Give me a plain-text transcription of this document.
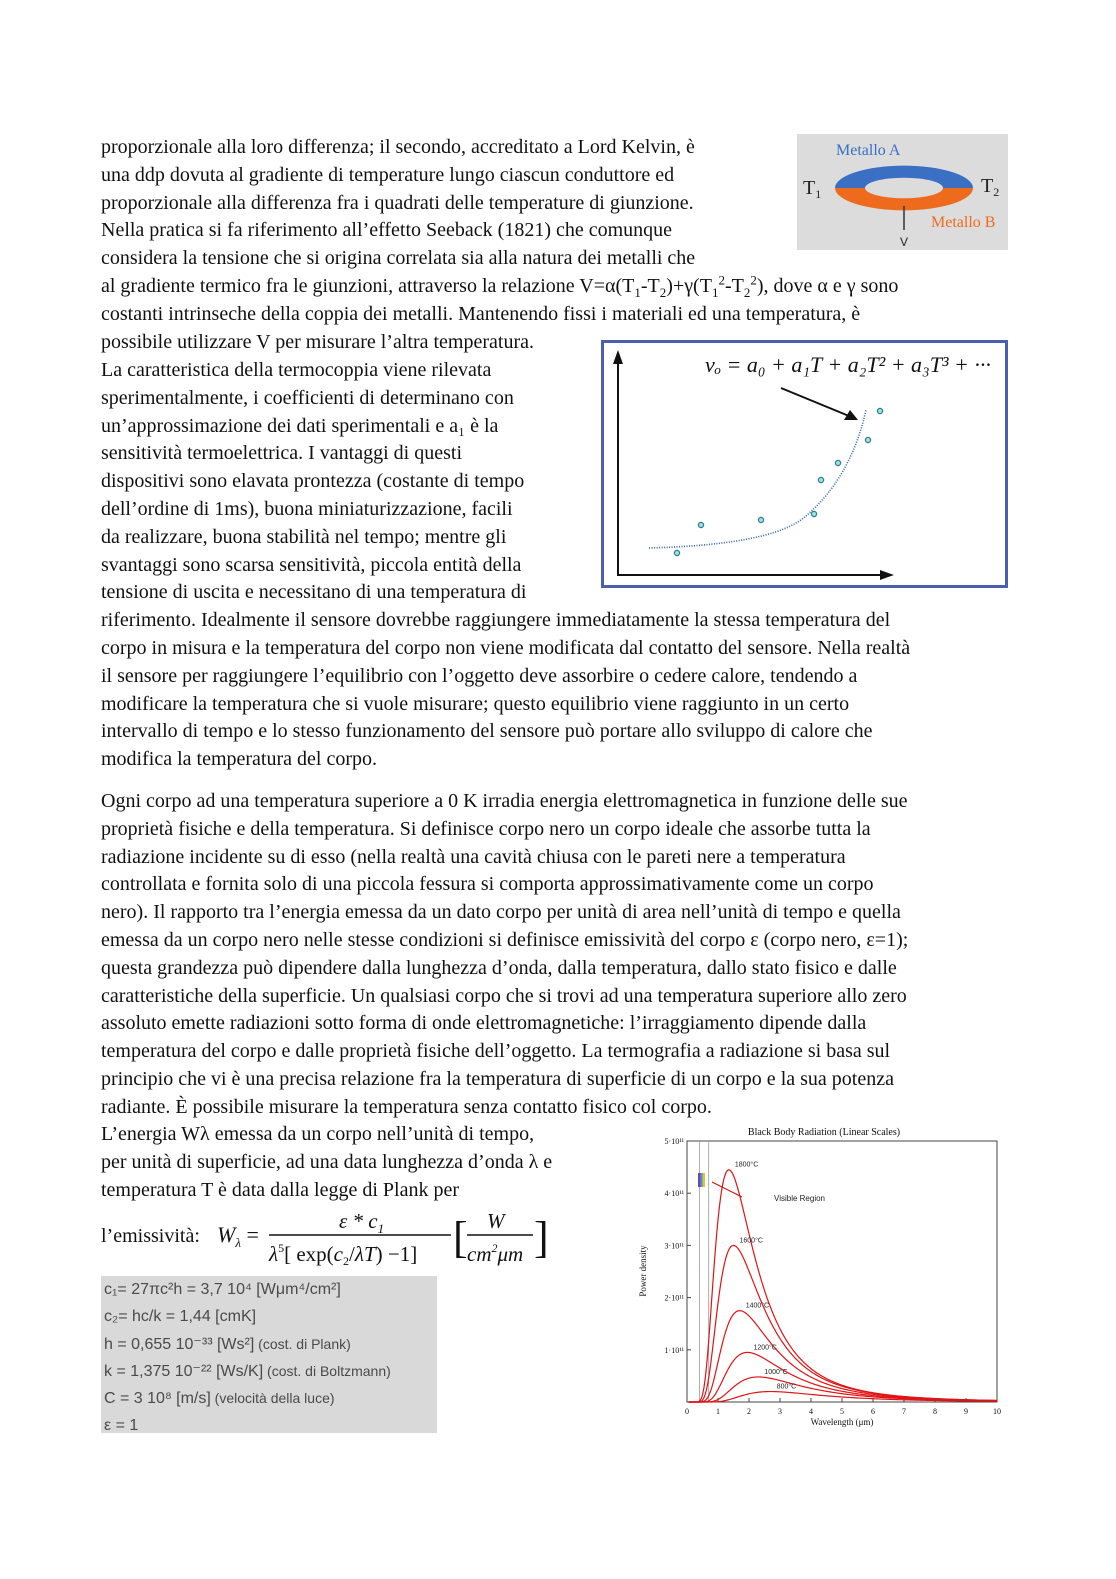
proporzionale alla loro differenza; il secondo, accreditato a Lord Kelvin, è
una ddp dovuta al gradiente di temperature lungo ciascun conduttore ed
proporzionale alla differenza fra i quadrati delle temperature di giunzione.
Nella pratica si fa riferimento all’effetto Seeback (1821) che comunque
considera la tensione che si origina correlata sia alla natura dei metalli che
al gradiente termico fra le giunzioni, attraverso la relazione $V=\alpha(T_1-T_2)+\gamma(T_1^2-T_2^2)$, dove α e γ sono
costanti intrinseche della coppia dei metalli. Mantenendo fissi i materiali ed una temperatura, è
possibile utilizzare V per misurare l’altra temperatura.
Metallo A
$T_1$	$T_2$
Metallo B
V
La caratteristica della termocoppia viene rilevata
sperimentalmente, i coefficienti di determinano con
un’approssimazione dei dati sperimentali e a₁ è la
sensitività termoelettrica. I vantaggi di questi
dispositivi sono elavata prontezza (costante di tempo
dell’ordine di 1ms), buona miniaturizzazione, facili
da realizzare, buona stabilità nel tempo; mentre gli
svantaggi sono scarsa sensitività, piccola entità della
tensione di uscita e necessitano di una temperatura di
riferimento. Idealmente il sensore dovrebbe raggiungere immediatamente la stessa temperatura del
corpo in misura e la temperatura del corpo non viene modificata dal contatto del sensore. Nella realtà
il sensore per raggiungere l’equilibrio con l’oggetto deve assorbire o cedere calore, tendendo a
modificare la temperatura che si vuole misurare; questo equilibrio viene raggiunto in un certo
intervallo di tempo e lo stesso funzionamento del sensore può portare allo sviluppo di calore che
modifica la temperatura del corpo.
vₒ = a₀ + a₁T + a₂T² + a₃T³ + ···
Ogni corpo ad una temperatura superiore a 0 K irradia energia elettromagnetica in funzione delle sue
proprietà fisiche e della temperatura. Si definisce corpo nero un corpo ideale che assorbe tutta la
radiazione incidente su di esso (nella realtà una cavità chiusa con le pareti nere a temperatura
controllata e fornita solo di una piccola fessura si comporta approssimativamente come un corpo
nero). Il rapporto tra l’energia emessa da un dato corpo per unità di area nell’unità di tempo e quella
emessa da un corpo nero nelle stesse condizioni si definisce emissività del corpo ε (corpo nero, ε=1);
questa grandezza può dipendere dalla lunghezza d’onda, dalla temperatura, dallo stato fisico e dalle
caratteristiche della superficie. Un qualsiasi corpo che si trovi ad una temperatura superiore allo zero
assoluto emette radiazioni sotto forma di onde elettromagnetiche: l’irraggiamento dipende dalla
temperatura del corpo e dalle proprietà fisiche dell’oggetto. La termografia a radiazione si basa sul
principio che vi è una precisa relazione fra la temperatura di superficie di un corpo e la sua potenza
radiante. È possibile misurare la temperatura senza contatto fisico col corpo.
L’energia Wλ emessa da un corpo nell’unità di tempo,
per unità di superficie, ad una data lunghezza d’onda λ e
temperatura T è data dalla legge di Plank per
l’emissività: $W_\lambda$ =
ε * $c_1$
$\lambda^5$[ exp(c2/λT) −1] [ W
$cm^2\mu m$ ]
c₁= 27πc²h = 3,7 10⁴ [Wμm⁴/cm²]
c₂= hc/k = 1,44 [cmK]
h = 0,655 10⁻³³ [Ws²] (cost. di Plank)
k = 1,375 10⁻²² [Ws/K] (cost. di Boltzmann)
C = 3 10⁸ [m/s] (velocità della luce)
ε = 1
Black Body Radiation (Linear Scales)
1·10¹¹
2·10¹¹
3·10¹¹
4·10¹¹
5·10¹¹
0	1	2	3	4	5	6	7	8	9	10
1800°C
1600°C
1400°C
1200°C
1000°C
800°C
Visible Region
Wavelength (μm)
Power density
